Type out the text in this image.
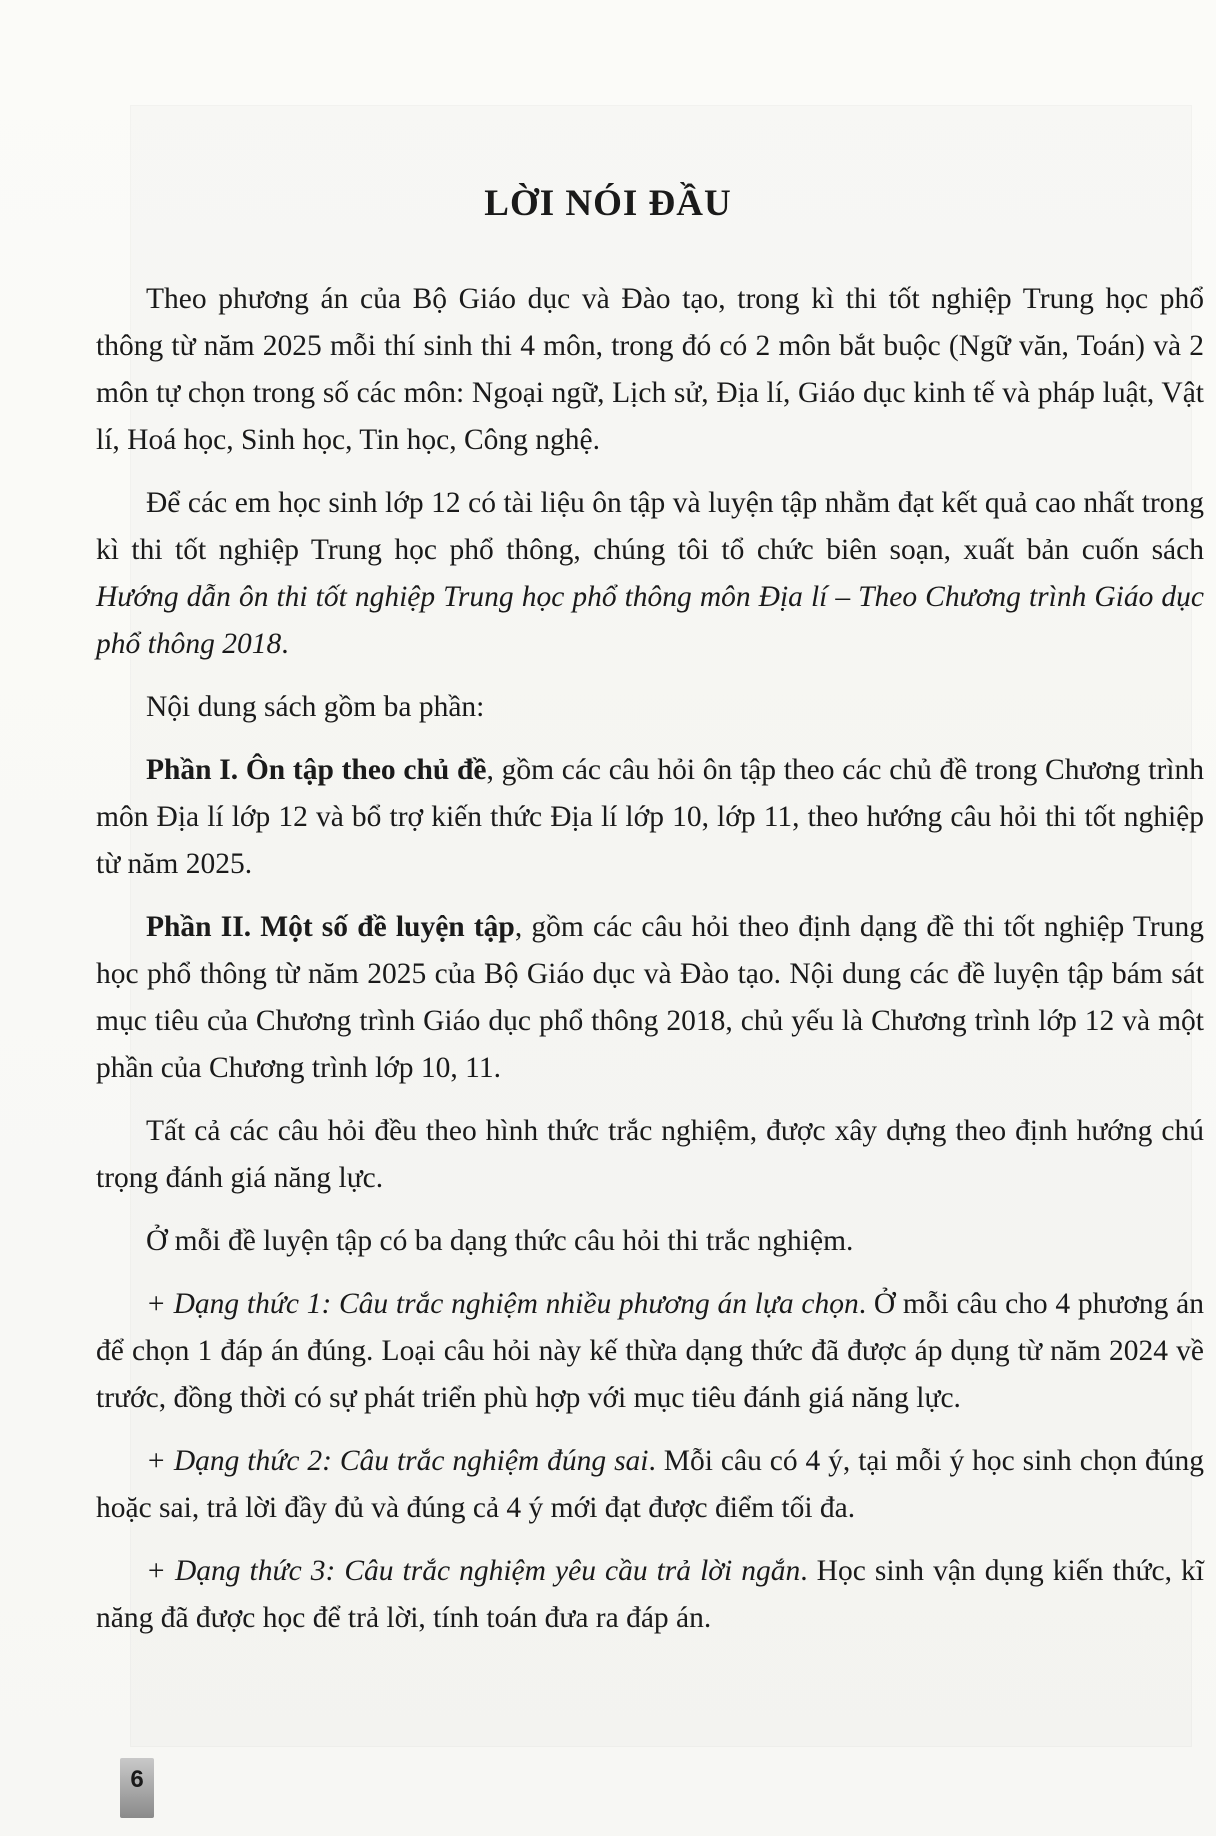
LỜI NÓI ĐẦU

Theo phương án của Bộ Giáo dục và Đào tạo, trong kì thi tốt nghiệp Trung học phổ thông từ năm 2025 mỗi thí sinh thi 4 môn, trong đó có 2 môn bắt buộc (Ngữ văn, Toán) và 2 môn tự chọn trong số các môn: Ngoại ngữ, Lịch sử, Địa lí, Giáo dục kinh tế và pháp luật, Vật lí, Hoá học, Sinh học, Tin học, Công nghệ.

Để các em học sinh lớp 12 có tài liệu ôn tập và luyện tập nhằm đạt kết quả cao nhất trong kì thi tốt nghiệp Trung học phổ thông, chúng tôi tổ chức biên soạn, xuất bản cuốn sách Hướng dẫn ôn thi tốt nghiệp Trung học phổ thông môn Địa lí – Theo Chương trình Giáo dục phổ thông 2018.

Nội dung sách gồm ba phần:

Phần I. Ôn tập theo chủ đề, gồm các câu hỏi ôn tập theo các chủ đề trong Chương trình môn Địa lí lớp 12 và bổ trợ kiến thức Địa lí lớp 10, lớp 11, theo hướng câu hỏi thi tốt nghiệp từ năm 2025.

Phần II. Một số đề luyện tập, gồm các câu hỏi theo định dạng đề thi tốt nghiệp Trung học phổ thông từ năm 2025 của Bộ Giáo dục và Đào tạo. Nội dung các đề luyện tập bám sát mục tiêu của Chương trình Giáo dục phổ thông 2018, chủ yếu là Chương trình lớp 12 và một phần của Chương trình lớp 10, 11.

Tất cả các câu hỏi đều theo hình thức trắc nghiệm, được xây dựng theo định hướng chú trọng đánh giá năng lực.

Ở mỗi đề luyện tập có ba dạng thức câu hỏi thi trắc nghiệm.

+ Dạng thức 1: Câu trắc nghiệm nhiều phương án lựa chọn. Ở mỗi câu cho 4 phương án để chọn 1 đáp án đúng. Loại câu hỏi này kế thừa dạng thức đã được áp dụng từ năm 2024 về trước, đồng thời có sự phát triển phù hợp với mục tiêu đánh giá năng lực.

+ Dạng thức 2: Câu trắc nghiệm đúng sai. Mỗi câu có 4 ý, tại mỗi ý học sinh chọn đúng hoặc sai, trả lời đầy đủ và đúng cả 4 ý mới đạt được điểm tối đa.

+ Dạng thức 3: Câu trắc nghiệm yêu cầu trả lời ngắn. Học sinh vận dụng kiến thức, kĩ năng đã được học để trả lời, tính toán đưa ra đáp án.

6
